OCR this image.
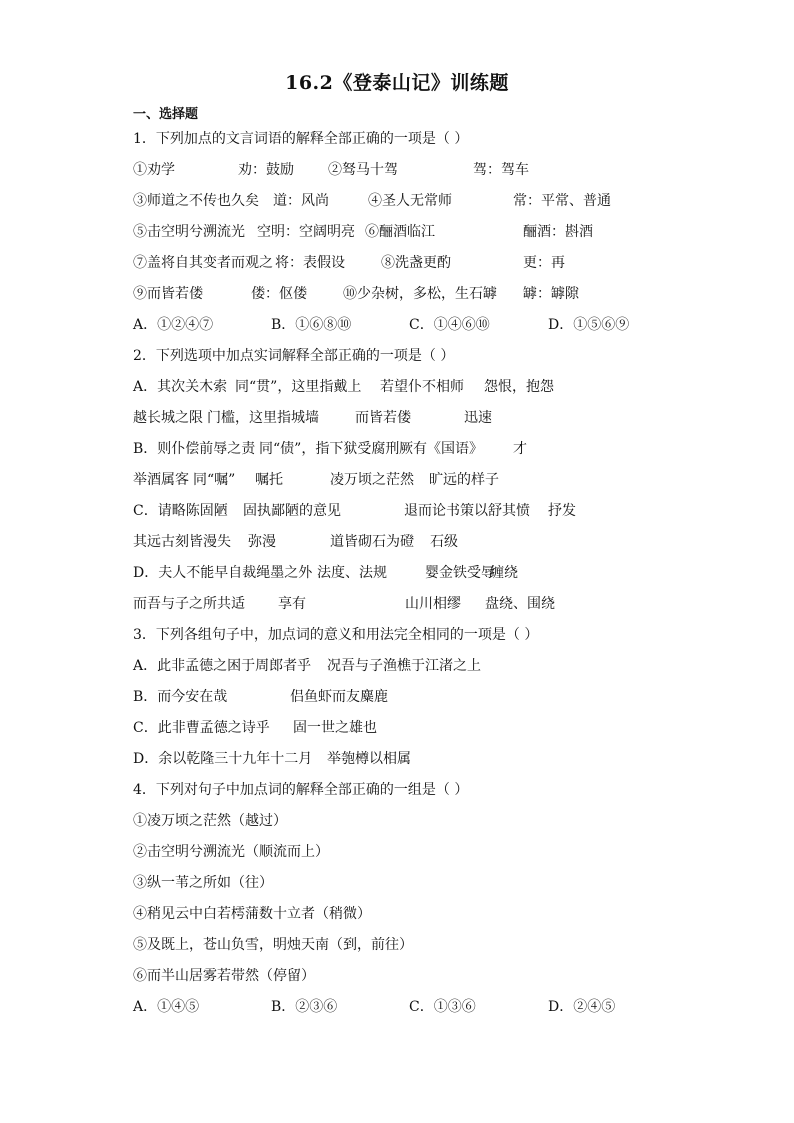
16.2《登泰山记》训练题
一、选择题
1．下列加点的文言词语的解释全部正确的一项是（ ）
①劝学	劝：鼓励 ②驽马十驾	驾：驾车
③师道之不传也久矣 道：风尚	④圣人无常师	常：平常、普通
⑤击空明兮溯流光 空明：空阔明亮 ⑥酾酒临江	酾酒：斟酒
⑦盖将自其变者而观之 将：表假设	⑧洗盏更酌	更：再
⑨而皆若偻	偻：伛偻	⑩少杂树，多松，生石罅 罅：罅隙
A．①②④⑦	B．①⑥⑧⑩	C．①④⑥⑩	D．①⑤⑥⑨
2．下列选项中加点实词解释全部正确的一项是（ ）
A．其次关木索 同“贯”，这里指戴上 若望仆不相师 怨恨，抱怨
越长城之限 门槛，这里指城墙	而皆若偻	迅速
B．则仆偿前辱之责 同“债”，指下狱受腐刑 厥有《国语》 才
举酒属客 同“嘱” 嘱托	凌万顷之茫然 旷远的样子
C．请略陈固陋 固执鄙陋的意见	退而论书策以舒其愤 抒发
其远古刻皆漫失 弥漫	道皆砌石为磴 石级
D．夫人不能早自裁绳墨之外 法度、法规	婴金铁受辱
缠绕
而吾与子之所共适 享有	山川相缪 盘绕、围绕
3．下列各组句子中，加点词的意义和用法完全相同的一项是（ ）
A．此非孟德之困于周郎者乎 况吾与子渔樵于江渚之上
B．而今安在哉	侣鱼虾而友麋鹿
C．此非曹孟德之诗乎 固一世之雄也
D．余以乾隆三十九年十二月 举匏樽以相属
4．下列对句子中加点词的解释全部正确的一组是（ ）
①凌万顷之茫然（越过）
②击空明兮溯流光（顺流而上）
③纵一苇之所如（往）
④稍见云中白若樗蒲数十立者（稍微）
⑤及既上，苍山负雪，明烛天南（到，前往）
⑥而半山居雾若带然（停留）
A．①④⑤	B．②③⑥	C．①③⑥	D．②④⑤
